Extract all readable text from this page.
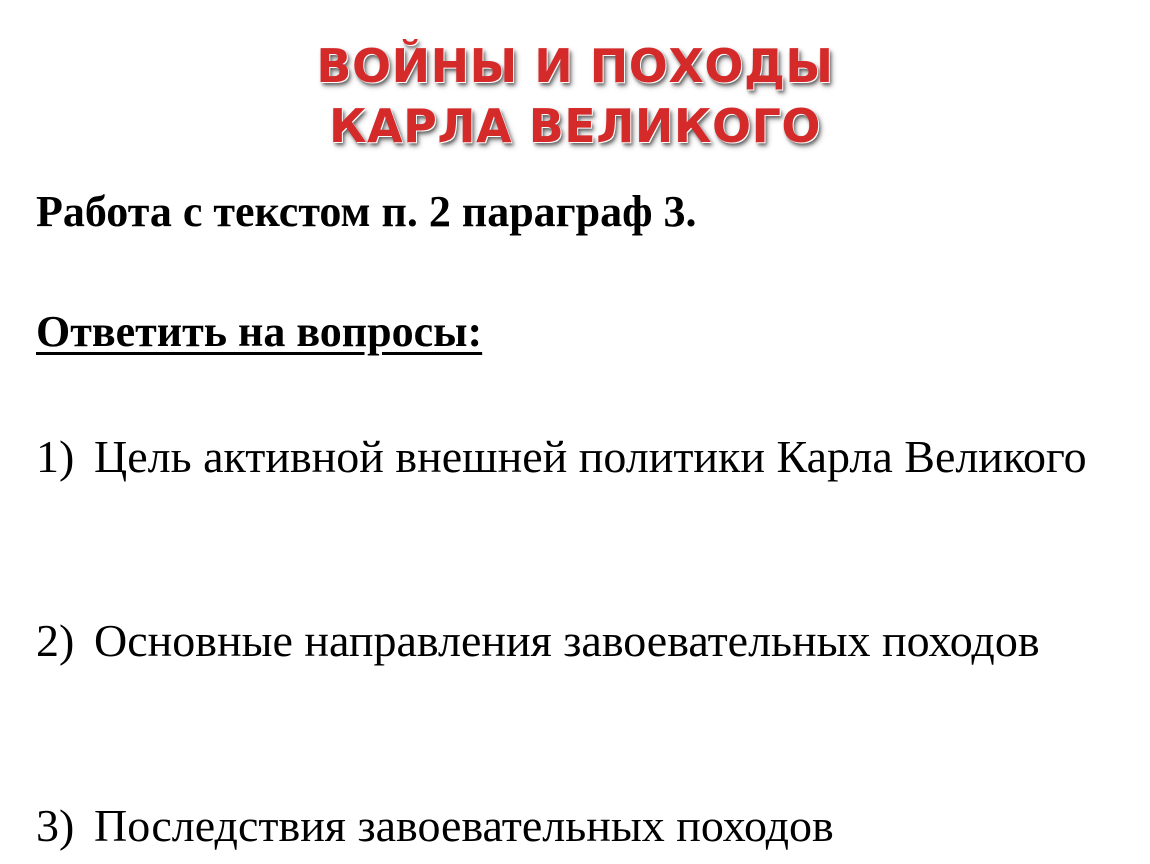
ВОЙНЫ И ПОХОДЫ
КАРЛА ВЕЛИКОГО
Работа с текстом п. 2 параграф 3.
Ответить на вопросы:
1) Цель активной внешней политики Карла Великого
2) Основные направления завоевательных походов
3) Последствия завоевательных походов
